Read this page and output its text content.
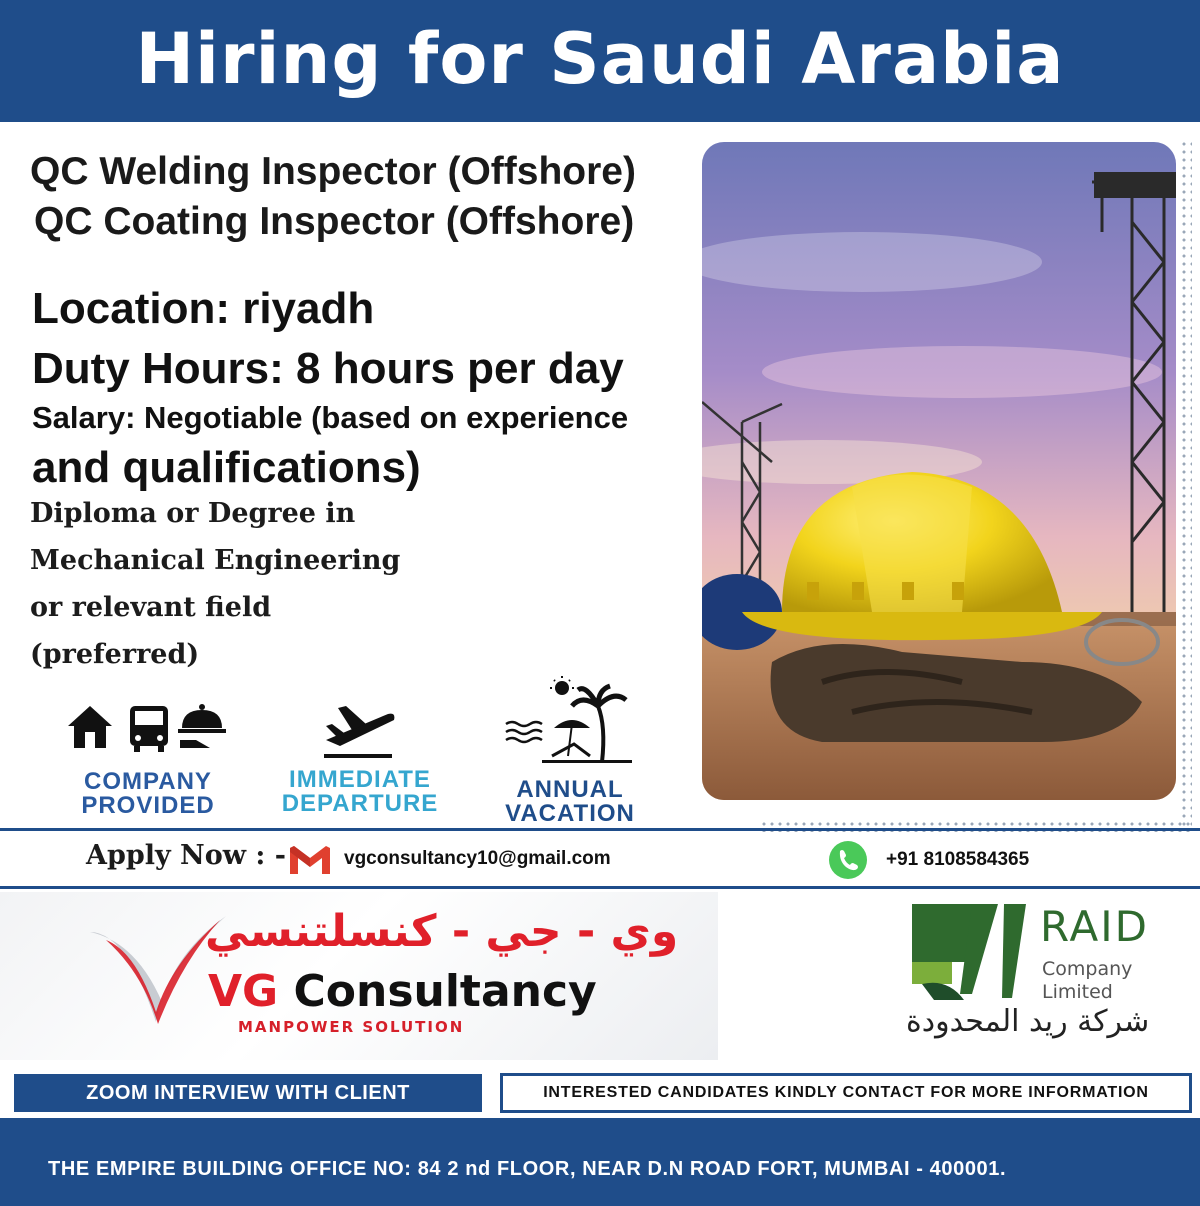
Hiring for Saudi Arabia
QC Welding Inspector (Offshore)
QC Coating Inspector (Offshore)
Location: riyadh
Duty Hours: 8 hours per day
Salary: Negotiable (based on experience
and qualifications)
Diploma or Degree in
Mechanical Engineering
or relevant field
(preferred)
COMPANY
PROVIDED
IMMEDIATE
DEPARTURE
ANNUAL
VACATION
Apply Now : -	vgconsultancy10@gmail.com	+91 8108584365
وي - جي - كنسلتنسي
VG Consultancy
MANPOWER SOLUTION
RAID
Company
Limited
شركة ريد المحدودة
ZOOM INTERVIEW WITH CLIENT	INTERESTED CANDIDATES KINDLY CONTACT FOR MORE INFORMATION
THE EMPIRE BUILDING OFFICE NO: 84 2 nd FLOOR, NEAR D.N ROAD FORT, MUMBAI - 400001.
